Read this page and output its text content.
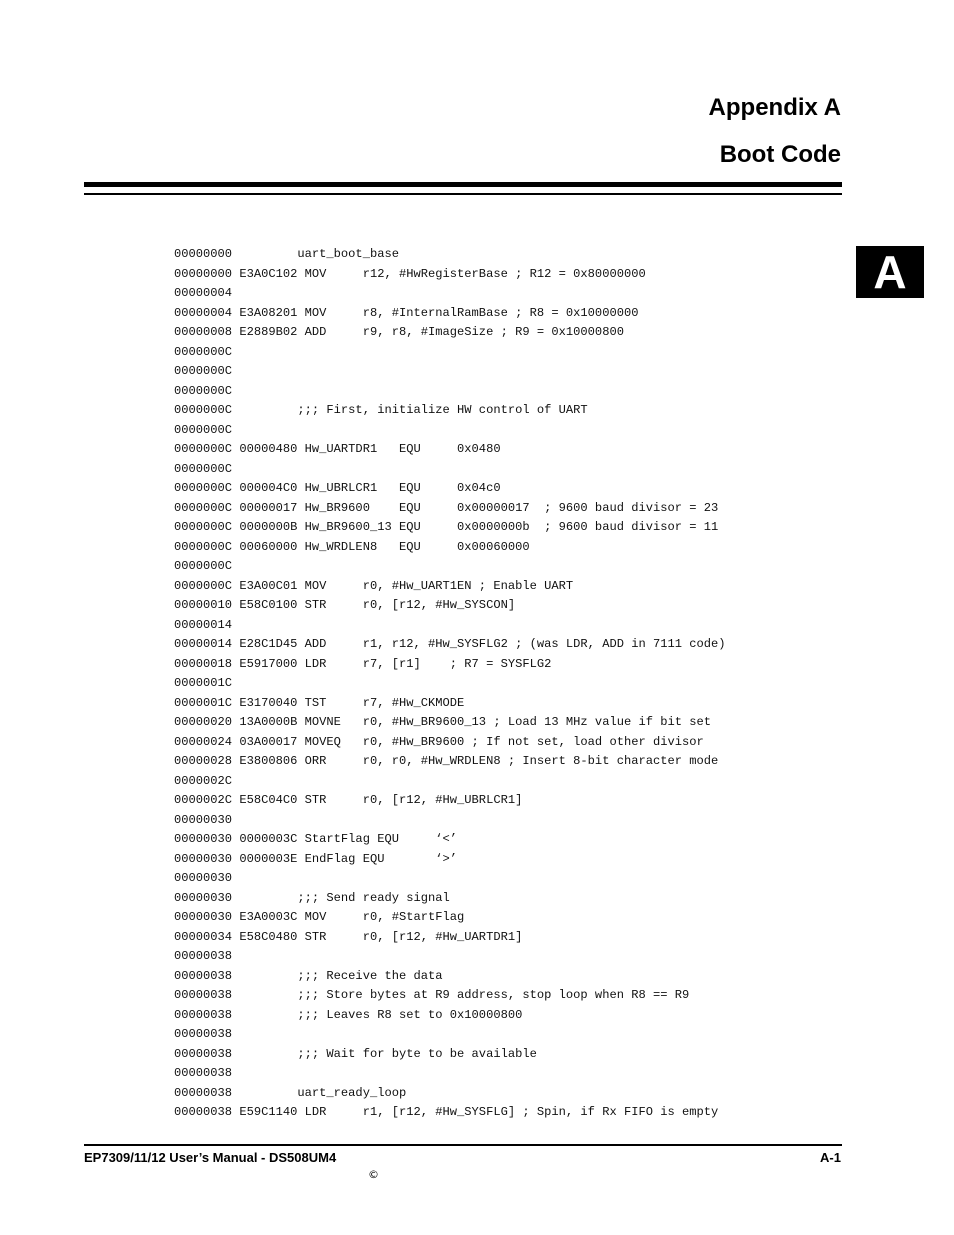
Appendix A
Boot Code
A
00000000         uart_boot_base
00000000 E3A0C102 MOV     r12, #HwRegisterBase ; R12 = 0x80000000
00000004
00000004 E3A08201 MOV     r8, #InternalRamBase ; R8 = 0x10000000
00000008 E2889B02 ADD     r9, r8, #ImageSize ; R9 = 0x10000800
0000000C
0000000C
0000000C
0000000C         ;;; First, initialize HW control of UART
0000000C
0000000C 00000480 Hw_UARTDR1   EQU     0x0480
0000000C
0000000C 000004C0 Hw_UBRLCR1   EQU     0x04c0
0000000C 00000017 Hw_BR9600    EQU     0x00000017  ; 9600 baud divisor = 23
0000000C 0000000B Hw_BR9600_13 EQU     0x0000000b  ; 9600 baud divisor = 11
0000000C 00060000 Hw_WRDLEN8   EQU     0x00060000
0000000C
0000000C E3A00C01 MOV     r0, #Hw_UART1EN ; Enable UART
00000010 E58C0100 STR     r0, [r12, #Hw_SYSCON]
00000014
00000014 E28C1D45 ADD     r1, r12, #Hw_SYSFLG2 ; (was LDR, ADD in 7111 code)
00000018 E5917000 LDR     r7, [r1]    ; R7 = SYSFLG2
0000001C
0000001C E3170040 TST     r7, #Hw_CKMODE
00000020 13A0000B MOVNE   r0, #Hw_BR9600_13 ; Load 13 MHz value if bit set
00000024 03A00017 MOVEQ   r0, #Hw_BR9600 ; If not set, load other divisor
00000028 E3800806 ORR     r0, r0, #Hw_WRDLEN8 ; Insert 8-bit character mode
0000002C
0000002C E58C04C0 STR     r0, [r12, #Hw_UBRLCR1]
00000030
00000030 0000003C StartFlag EQU     ‘<’
00000030 0000003E EndFlag EQU       ‘>’
00000030
00000030         ;;; Send ready signal
00000030 E3A0003C MOV     r0, #StartFlag
00000034 E58C0480 STR     r0, [r12, #Hw_UARTDR1]
00000038
00000038         ;;; Receive the data
00000038         ;;; Store bytes at R9 address, stop loop when R8 == R9
00000038         ;;; Leaves R8 set to 0x10000800
00000038
00000038         ;;; Wait for byte to be available
00000038
00000038         uart_ready_loop
00000038 E59C1140 LDR     r1, [r12, #Hw_SYSFLG] ; Spin, if Rx FIFO is empty
EP7309/11/12 User’s Manual - DS508UM4	A-1
©
